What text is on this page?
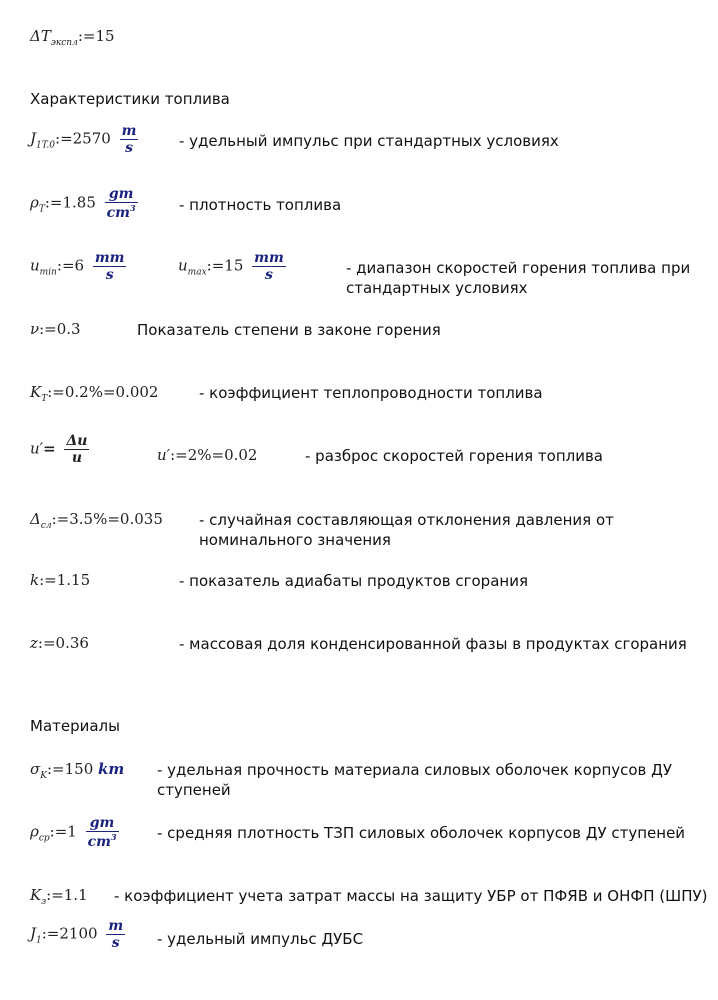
$\Delta T_{экспл}:=15$
Характеристики топлива
$J_{1T.0}:=2570 \frac{m}{s}$	- удельный импульс при стандартных условиях
$\rho_T:=1.85 \frac{gm}{cm^3}$	- плотность топлива
$u_{min}:=6 \frac{mm}{s}$	$u_{max}:=15 \frac{mm}{s}$	- диапазон скоростей горения топлива при
стандартных условиях
ν:=0.3	Показатель степени в законе горения
$K_T:=0.2\%=0.002$	- коэффициент теплопроводности топлива
$u'= \frac{\Delta u}{u}$	u′:=2%=0.02	- разброс скоростей горения топлива
$\Delta_{сл}:=3.5\%=0.035$ - случайная составляющая отклонения давления от
номинального значения
k:=1.15	- показатель адиабаты продуктов сгорания
z:=0.36	- массовая доля конденсированной фазы в продуктах сгорания
Материалы
$\sigma_K:=150$ km - удельная прочность материала силовых оболочек корпусов ДУ
ступеней
$\rho_{ср}:=1 \frac{gm}{cm^3}$	- средняя плотность ТЗП силовых оболочек корпусов ДУ ступеней
$K_з:=1.1$ - коэффициент учета затрат массы на защиту УБР от ПФЯВ и ОНФП (ШПУ)
$J_1:=2100 \frac{m}{s}$ - удельный импульс ДУБС
